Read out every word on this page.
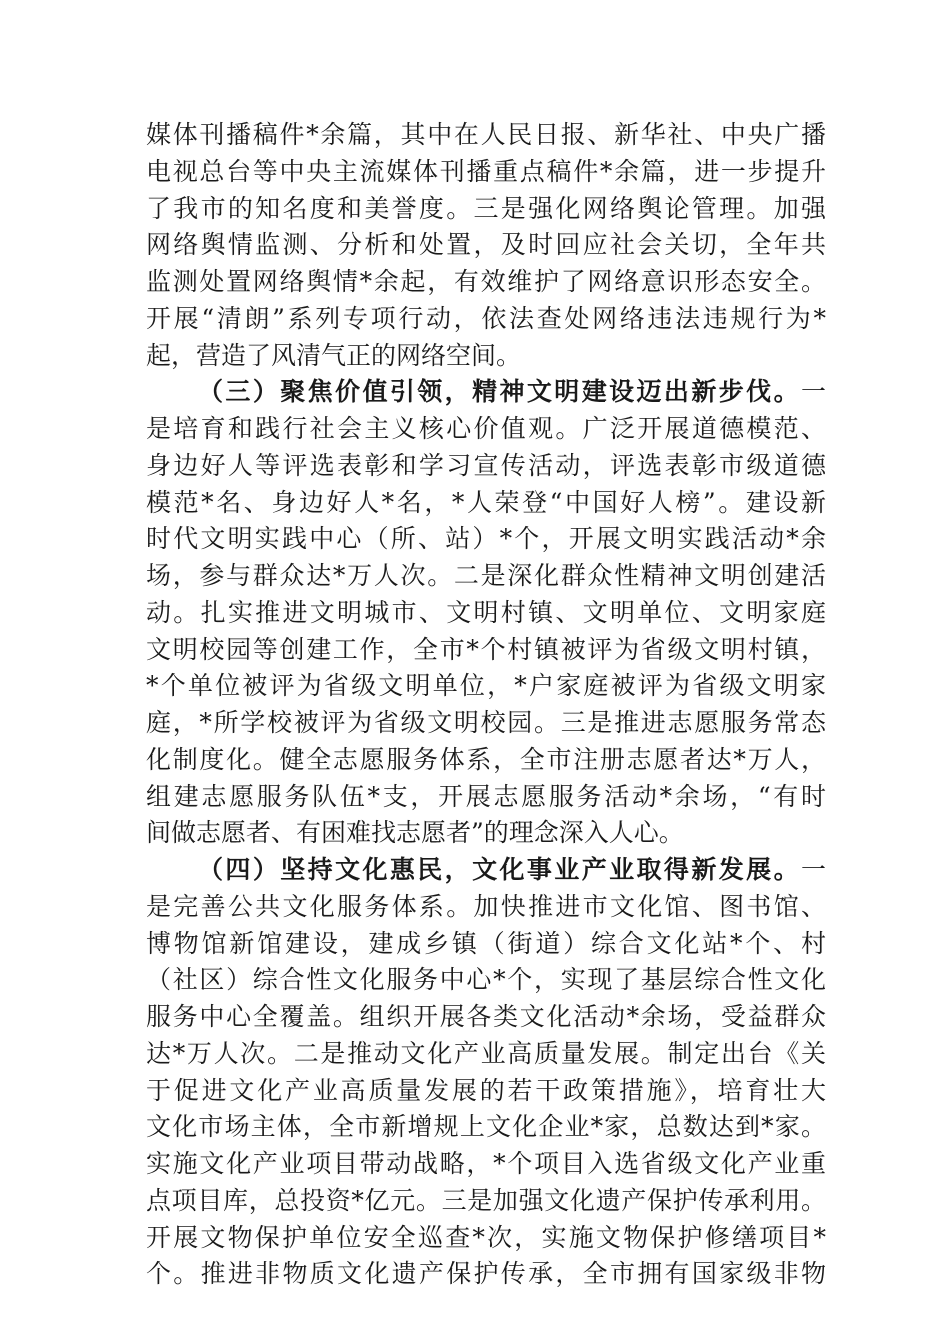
媒体刊播稿件*余篇，其中在人民日报、新华社、中央广播
电视总台等中央主流媒体刊播重点稿件*余篇，进一步提升
了我市的知名度和美誉度。三是强化网络舆论管理。加强
网络舆情监测、分析和处置，及时回应社会关切，全年共
监测处置网络舆情*余起，有效维护了网络意识形态安全。
开展“清朗”系列专项行动，依法查处网络违法违规行为*
起，营造了风清气正的网络空间。
（三）聚焦价值引领，精神文明建设迈出新步伐。一
是培育和践行社会主义核心价值观。广泛开展道德模范、
身边好人等评选表彰和学习宣传活动，评选表彰市级道德
模范*名、身边好人*名，*人荣登“中国好人榜”。建设新
时代文明实践中心（所、站）*个，开展文明实践活动*余
场，参与群众达*万人次。二是深化群众性精神文明创建活
动。扎实推进文明城市、文明村镇、文明单位、文明家庭
文明校园等创建工作，全市*个村镇被评为省级文明村镇，
*个单位被评为省级文明单位，*户家庭被评为省级文明家
庭，*所学校被评为省级文明校园。三是推进志愿服务常态
化制度化。健全志愿服务体系，全市注册志愿者达*万人，
组建志愿服务队伍*支，开展志愿服务活动*余场，“有时
间做志愿者、有困难找志愿者”的理念深入人心。
（四）坚持文化惠民，文化事业产业取得新发展。一
是完善公共文化服务体系。加快推进市文化馆、图书馆、
博物馆新馆建设，建成乡镇（街道）综合文化站*个、村
（社区）综合性文化服务中心*个，实现了基层综合性文化
服务中心全覆盖。组织开展各类文化活动*余场，受益群众
达*万人次。二是推动文化产业高质量发展。制定出台《关
于促进文化产业高质量发展的若干政策措施》，培育壮大
文化市场主体，全市新增规上文化企业*家，总数达到*家。
实施文化产业项目带动战略，*个项目入选省级文化产业重
点项目库，总投资*亿元。三是加强文化遗产保护传承利用。
开展文物保护单位安全巡查*次，实施文物保护修缮项目*
个。推进非物质文化遗产保护传承，全市拥有国家级非物
